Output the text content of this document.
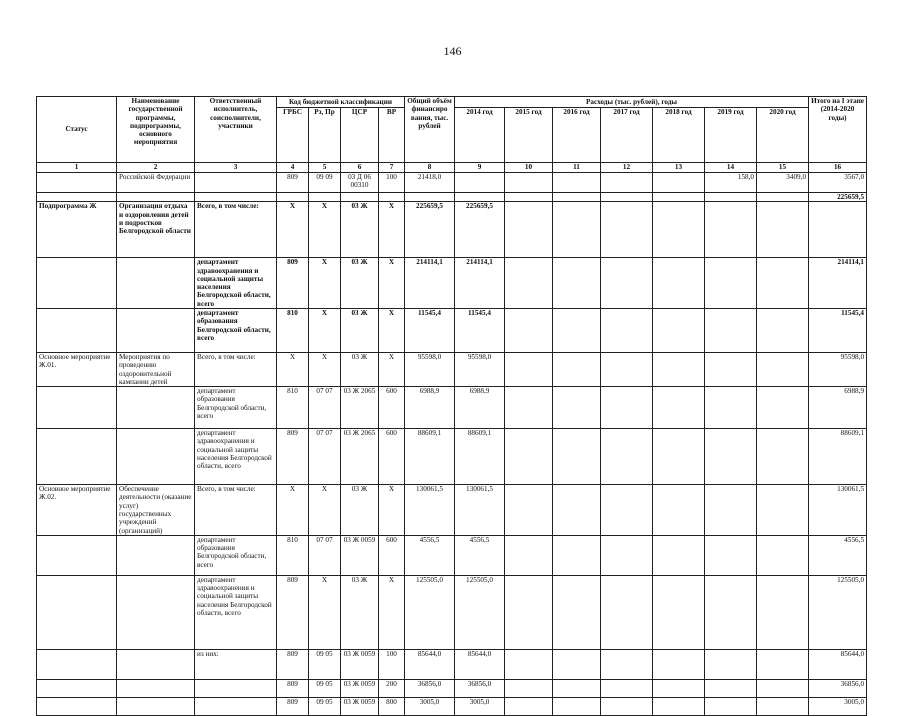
146
Статус	Наименование государственной программы, подпрограммы, основного мероприятия	Ответственный исполнитель, соисполнители, участники	Код бюджетной классификации				Общий объём финансиро вания, тыс. рублей	Расходы (тыс. рублей), годы							Итого на I этапе (2014-2020 годы)
			ГРБС	Рз, Пр	ЦСР	ВР		2014 год	2015 год	2016 год	2017 год	2018 год	2019 год	2020 год	
1	2	3	4	5	6	7	8	9	10	11	12	13	14	15	16
	Российской Федерации		809	09 09	03 Д 06 00310	100	21418,0						158,0	3409,0	3567,0
															225659,5
Подпрограмма Ж	Организация отдыха и оздоровления детей и подростков Белгородской области	Всего, в том числе:	X	X	03 Ж	X	225659,5	225659,5							
		департамент здравоохранения и социальной защиты населения Белгородской области, всего	809	X	03 Ж	X	214114,1	214114,1							214114,1
		департамент образования Белгородской области, всего	810	X	03 Ж	X	11545,4	11545,4							11545,4
Основное мероприятие Ж.01.	Мероприятия по проведению оздоровительной кампании детей	Всего, в том числе:	X	X	03 Ж	X	95598,0	95598,0							95598,0
		департамент образования Белгородской области, всего	810	07 07	03 Ж 2065	600	6988,9	6988,9							6988,9
		департамент здравоохранения и социальной защиты населения Белгородской области, всего	809	07 07	03 Ж 2065	600	88609,1	88609,1							88609,1
Основное мероприятие Ж.02.	Обеспечение деятельности (оказание услуг) государственных учреждений (организаций)	Всего, в том числе:	X	X	03 Ж	X	130061,5	130061,5							130061,5
		департамент образования Белгородской области, всего	810	07 07	03 Ж 0059	600	4556,5	4556,5							4556,5
		департамент здравоохранения и социальной защиты населения Белгородской области, всего	809	X	03 Ж	X	125505,0	125505,0							125505,0
		из них:	809	09 05	03 Ж 0059	100	85644,0	85644,0							85644,0
			809	09 05	03 Ж 0059	200	36856,0	36856,0							36856,0
			809	09 05	03 Ж 0059	800	3005,0	3005,0							3005,0
